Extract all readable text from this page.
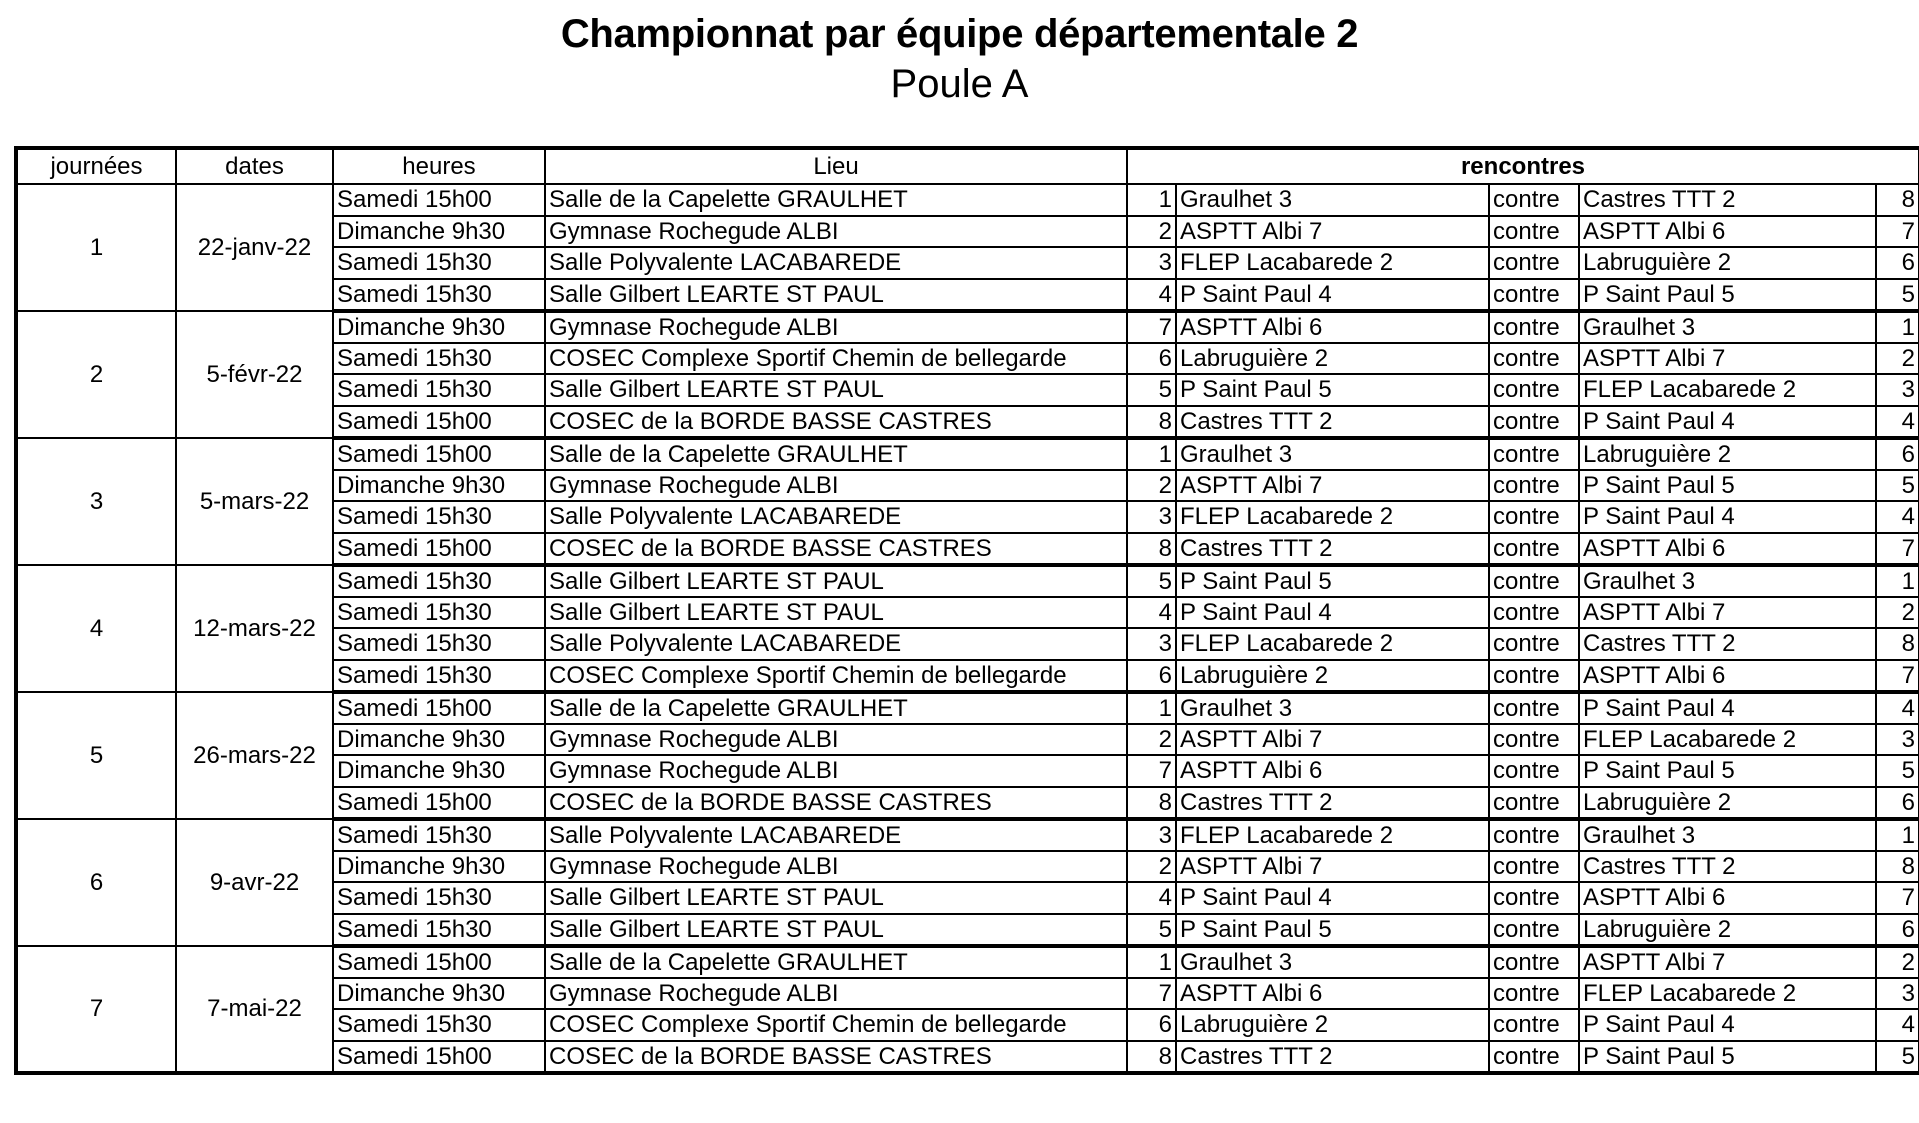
Championnat par équipe départementale 2
Poule A
journées	dates	heures	Lieu	rencontres				
1	22-janv-22	Samedi 15h00	Salle de la Capelette GRAULHET	1	Graulhet 3	contre	Castres TTT 2	8
		Dimanche 9h30	Gymnase Rochegude ALBI	2	ASPTT Albi 7	contre	ASPTT Albi 6	7
		Samedi 15h30	Salle Polyvalente LACABAREDE	3	FLEP Lacabarede 2	contre	Labruguière 2	6
		Samedi 15h30	Salle Gilbert LEARTE ST PAUL	4	P Saint Paul 4	contre	P Saint Paul 5	5
2	5-févr-22	Dimanche 9h30	Gymnase Rochegude ALBI	7	ASPTT Albi 6	contre	Graulhet 3	1
		Samedi 15h30	COSEC Complexe Sportif Chemin de bellegarde	6	Labruguière 2	contre	ASPTT Albi 7	2
		Samedi 15h30	Salle Gilbert LEARTE ST PAUL	5	P Saint Paul 5	contre	FLEP Lacabarede 2	3
		Samedi 15h00	COSEC de la BORDE BASSE CASTRES	8	Castres TTT 2	contre	P Saint Paul 4	4
3	5-mars-22	Samedi 15h00	Salle de la Capelette GRAULHET	1	Graulhet 3	contre	Labruguière 2	6
		Dimanche 9h30	Gymnase Rochegude ALBI	2	ASPTT Albi 7	contre	P Saint Paul 5	5
		Samedi 15h30	Salle Polyvalente LACABAREDE	3	FLEP Lacabarede 2	contre	P Saint Paul 4	4
		Samedi 15h00	COSEC de la BORDE BASSE CASTRES	8	Castres TTT 2	contre	ASPTT Albi 6	7
4	12-mars-22	Samedi 15h30	Salle Gilbert LEARTE ST PAUL	5	P Saint Paul 5	contre	Graulhet 3	1
		Samedi 15h30	Salle Gilbert LEARTE ST PAUL	4	P Saint Paul 4	contre	ASPTT Albi 7	2
		Samedi 15h30	Salle Polyvalente LACABAREDE	3	FLEP Lacabarede 2	contre	Castres TTT 2	8
		Samedi 15h30	COSEC Complexe Sportif Chemin de bellegarde	6	Labruguière 2	contre	ASPTT Albi 6	7
5	26-mars-22	Samedi 15h00	Salle de la Capelette GRAULHET	1	Graulhet 3	contre	P Saint Paul 4	4
		Dimanche 9h30	Gymnase Rochegude ALBI	2	ASPTT Albi 7	contre	FLEP Lacabarede 2	3
		Dimanche 9h30	Gymnase Rochegude ALBI	7	ASPTT Albi 6	contre	P Saint Paul 5	5
		Samedi 15h00	COSEC de la BORDE BASSE CASTRES	8	Castres TTT 2	contre	Labruguière 2	6
6	9-avr-22	Samedi 15h30	Salle Polyvalente LACABAREDE	3	FLEP Lacabarede 2	contre	Graulhet 3	1
		Dimanche 9h30	Gymnase Rochegude ALBI	2	ASPTT Albi 7	contre	Castres TTT 2	8
		Samedi 15h30	Salle Gilbert LEARTE ST PAUL	4	P Saint Paul 4	contre	ASPTT Albi 6	7
		Samedi 15h30	Salle Gilbert LEARTE ST PAUL	5	P Saint Paul 5	contre	Labruguière 2	6
7	7-mai-22	Samedi 15h00	Salle de la Capelette GRAULHET	1	Graulhet 3	contre	ASPTT Albi 7	2
		Dimanche 9h30	Gymnase Rochegude ALBI	7	ASPTT Albi 6	contre	FLEP Lacabarede 2	3
		Samedi 15h30	COSEC Complexe Sportif Chemin de bellegarde	6	Labruguière 2	contre	P Saint Paul 4	4
		Samedi 15h00	COSEC de la BORDE BASSE CASTRES	8	Castres TTT 2	contre	P Saint Paul 5	5
